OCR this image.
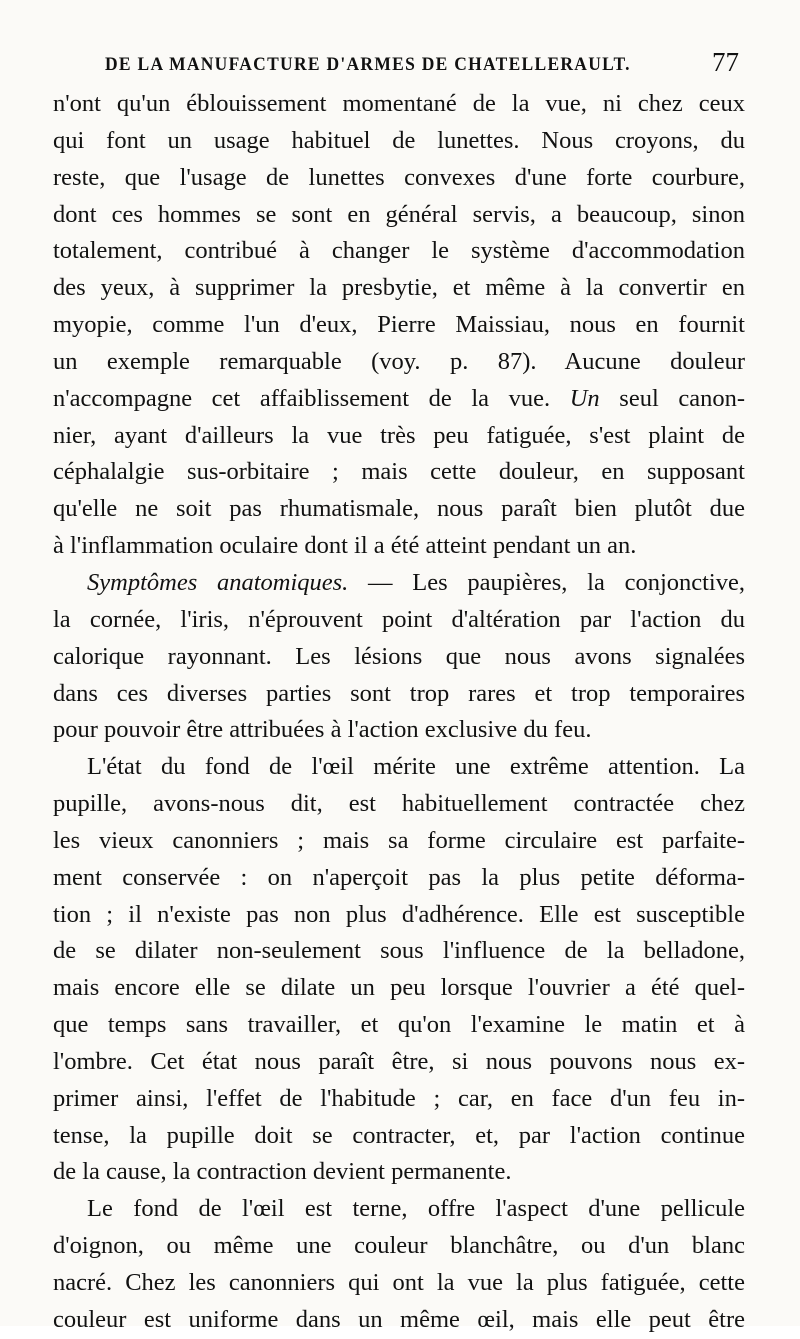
DE LA MANUFACTURE D'ARMES DE CHATELLERAULT.	77
n'ont qu'un éblouissement momentané de la vue, ni chez ceux
qui font un usage habituel de lunettes. Nous croyons, du
reste, que l'usage de lunettes convexes d'une forte courbure,
dont ces hommes se sont en général servis, a beaucoup, sinon
totalement, contribué à changer le système d'accommodation
des yeux, à supprimer la presbytie, et même à la convertir en
myopie, comme l'un d'eux, Pierre Maissiau, nous en fournit
un exemple remarquable (voy. p. 87). Aucune douleur
n'accompagne cet affaiblissement de la vue. Un seul canon-
nier, ayant d'ailleurs la vue très peu fatiguée, s'est plaint de
céphalalgie sus-orbitaire ; mais cette douleur, en supposant
qu'elle ne soit pas rhumatismale, nous paraît bien plutôt due
à l'inflammation oculaire dont il a été atteint pendant un an.
Symptômes anatomiques. — Les paupières, la conjonctive,
la cornée, l'iris, n'éprouvent point d'altération par l'action du
calorique rayonnant. Les lésions que nous avons signalées
dans ces diverses parties sont trop rares et trop temporaires
pour pouvoir être attribuées à l'action exclusive du feu.
L'état du fond de l'œil mérite une extrême attention. La
pupille, avons-nous dit, est habituellement contractée chez
les vieux canonniers ; mais sa forme circulaire est parfaite-
ment conservée : on n'aperçoit pas la plus petite déforma-
tion ; il n'existe pas non plus d'adhérence. Elle est susceptible
de se dilater non-seulement sous l'influence de la belladone,
mais encore elle se dilate un peu lorsque l'ouvrier a été quel-
que temps sans travailler, et qu'on l'examine le matin et à
l'ombre. Cet état nous paraît être, si nous pouvons nous ex-
primer ainsi, l'effet de l'habitude ; car, en face d'un feu in-
tense, la pupille doit se contracter, et, par l'action continue
de la cause, la contraction devient permanente.
Le fond de l'œil est terne, offre l'aspect d'une pellicule
d'oignon, ou même une couleur blanchâtre, ou d'un blanc
nacré. Chez les canonniers qui ont la vue la plus fatiguée, cette
couleur est uniforme dans un même œil, mais elle peut être
